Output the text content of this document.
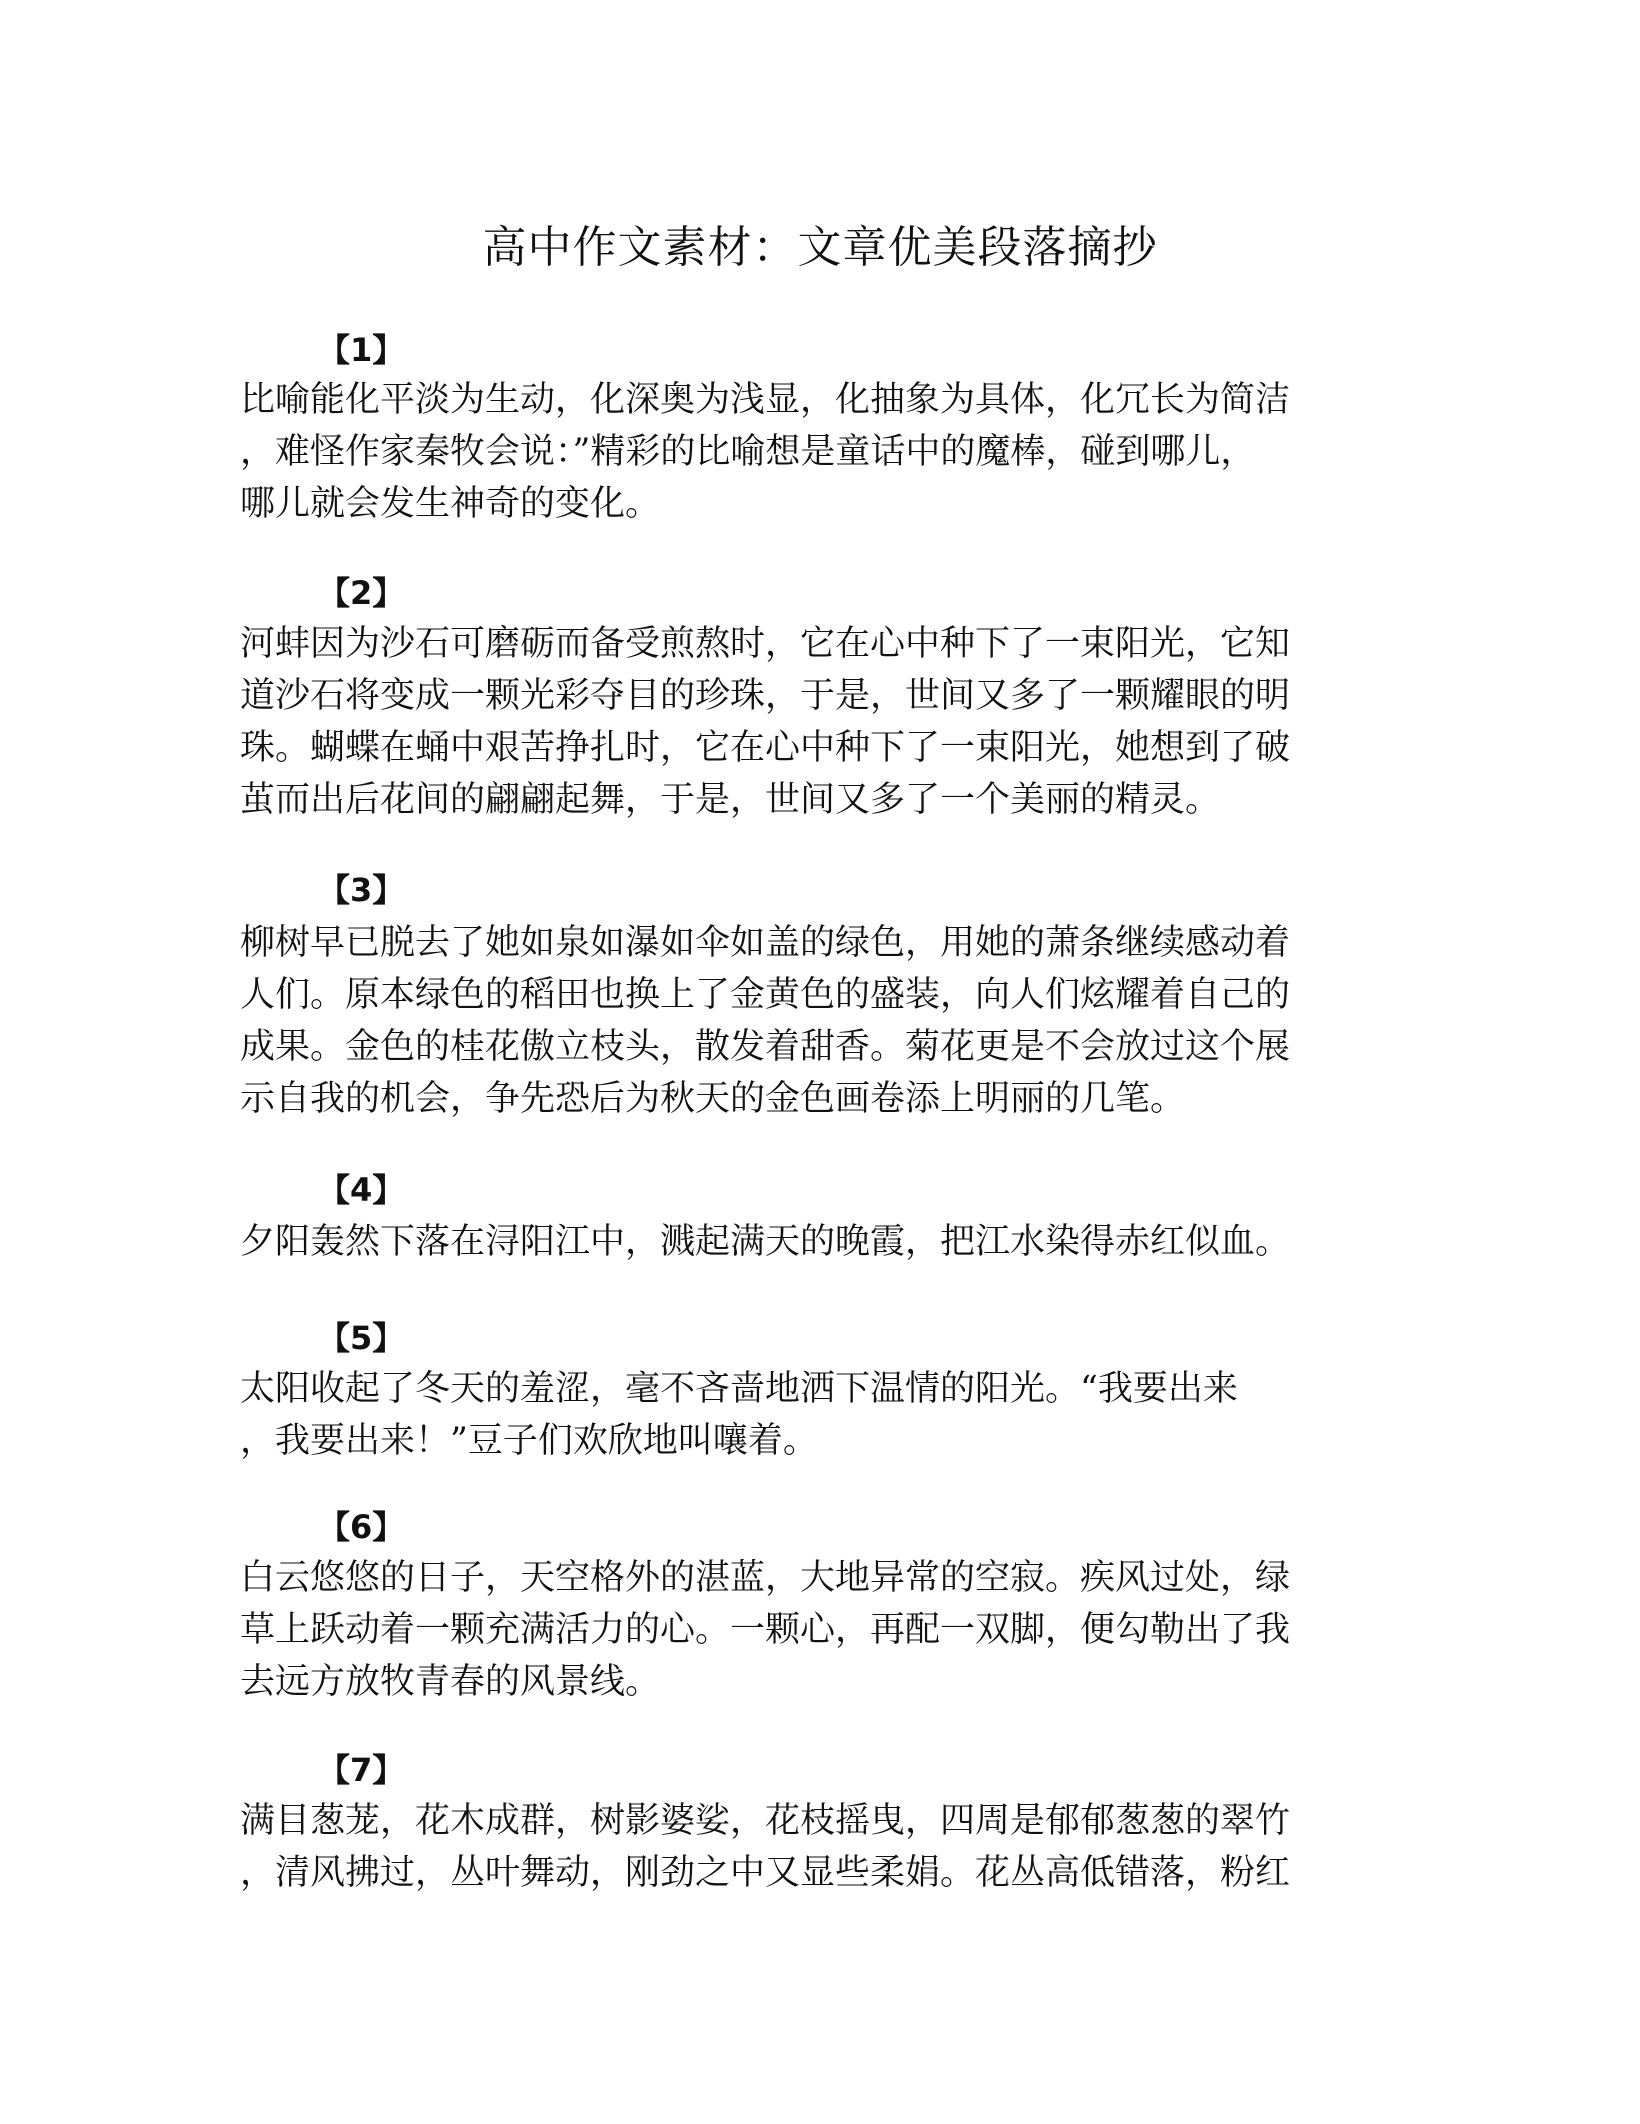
高中作文素材：文章优美段落摘抄
【1】
比喻能化平淡为生动，化深奥为浅显，化抽象为具体，化冗长为简洁
，难怪作家秦牧会说：”精彩的比喻想是童话中的魔棒，碰到哪儿，
哪儿就会发生神奇的变化。
【2】
河蚌因为沙石可磨砺而备受煎熬时，它在心中种下了一束阳光，它知
道沙石将变成一颗光彩夺目的珍珠，于是，世间又多了一颗耀眼的明
珠。蝴蝶在蛹中艰苦挣扎时，它在心中种下了一束阳光，她想到了破
茧而出后花间的翩翩起舞，于是，世间又多了一个美丽的精灵。
【3】
柳树早已脱去了她如泉如瀑如伞如盖的绿色，用她的萧条继续感动着
人们。原本绿色的稻田也换上了金黄色的盛装，向人们炫耀着自己的
成果。金色的桂花傲立枝头，散发着甜香。菊花更是不会放过这个展
示自我的机会，争先恐后为秋天的金色画卷添上明丽的几笔。
【4】
夕阳轰然下落在浔阳江中，溅起满天的晚霞，把江水染得赤红似血。
【5】
太阳收起了冬天的羞涩，毫不吝啬地洒下温情的阳光。“我要出来
，我要出来！”豆子们欢欣地叫嚷着。
【6】
白云悠悠的日子，天空格外的湛蓝，大地异常的空寂。疾风过处，绿
草上跃动着一颗充满活力的心。一颗心，再配一双脚，便勾勒出了我
去远方放牧青春的风景线。
【7】
满目葱茏，花木成群，树影婆娑，花枝摇曳，四周是郁郁葱葱的翠竹
，清风拂过，丛叶舞动，刚劲之中又显些柔娟。花丛高低错落，粉红
